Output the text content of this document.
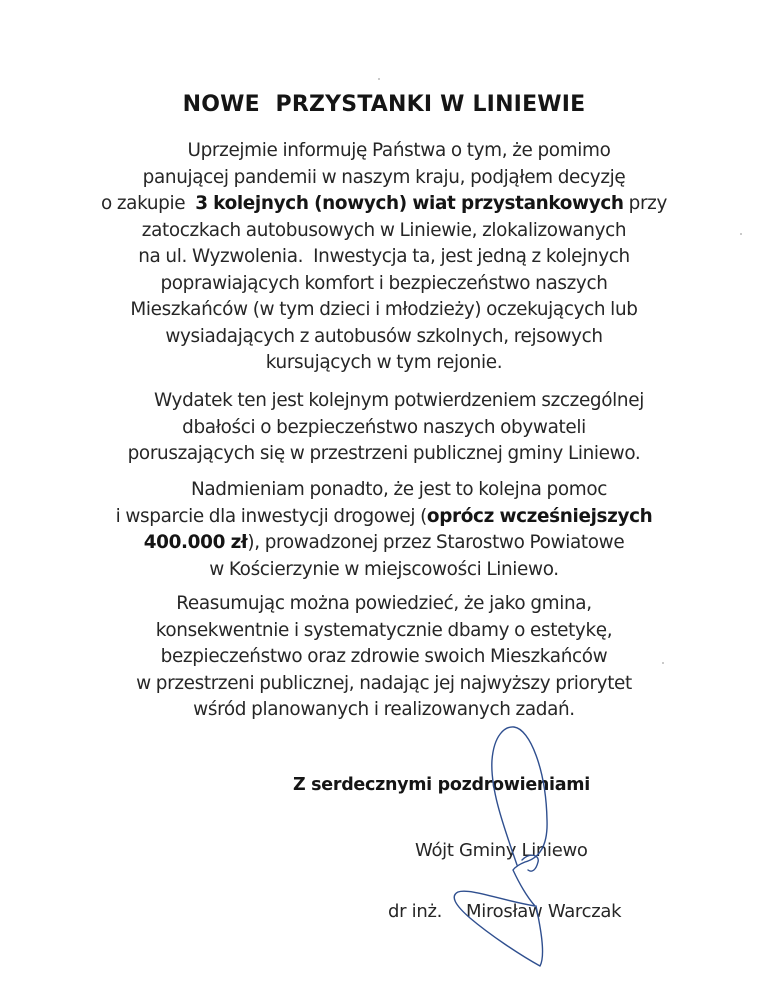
NOWE  PRZYSTANKI W LINIEWIE
Uprzejmie informuję Państwa o tym, że pomimo
panującej pandemii w naszym kraju, podjąłem decyzję
o zakupie  3 kolejnych (nowych) wiat przystankowych przy
zatoczkach autobusowych w Liniewie, zlokalizowanych
na ul. Wyzwolenia.  Inwestycja ta, jest jedną z kolejnych
poprawiających komfort i bezpieczeństwo naszych
Mieszkańców (w tym dzieci i młodzieży) oczekujących lub
wysiadających z autobusów szkolnych, rejsowych
kursujących w tym rejonie.
Wydatek ten jest kolejnym potwierdzeniem szczególnej
dbałości o bezpieczeństwo naszych obywateli
poruszających się w przestrzeni publicznej gminy Liniewo.
Nadmieniam ponadto, że jest to kolejna pomoc
i wsparcie dla inwestycji drogowej (oprócz wcześniejszych
400.000 zł), prowadzonej przez Starostwo Powiatowe
w Kościerzynie w miejscowości Liniewo.
Reasumując można powiedzieć, że jako gmina,
konsekwentnie i systematycznie dbamy o estetykę,
bezpieczeństwo oraz zdrowie swoich Mieszkańców
w przestrzeni publicznej, nadając jej najwyższy priorytet
wśród planowanych i realizowanych zadań.
Z serdecznymi pozdrowieniami
Wójt Gminy Liniewo
dr inż. Mirosław Warczak
